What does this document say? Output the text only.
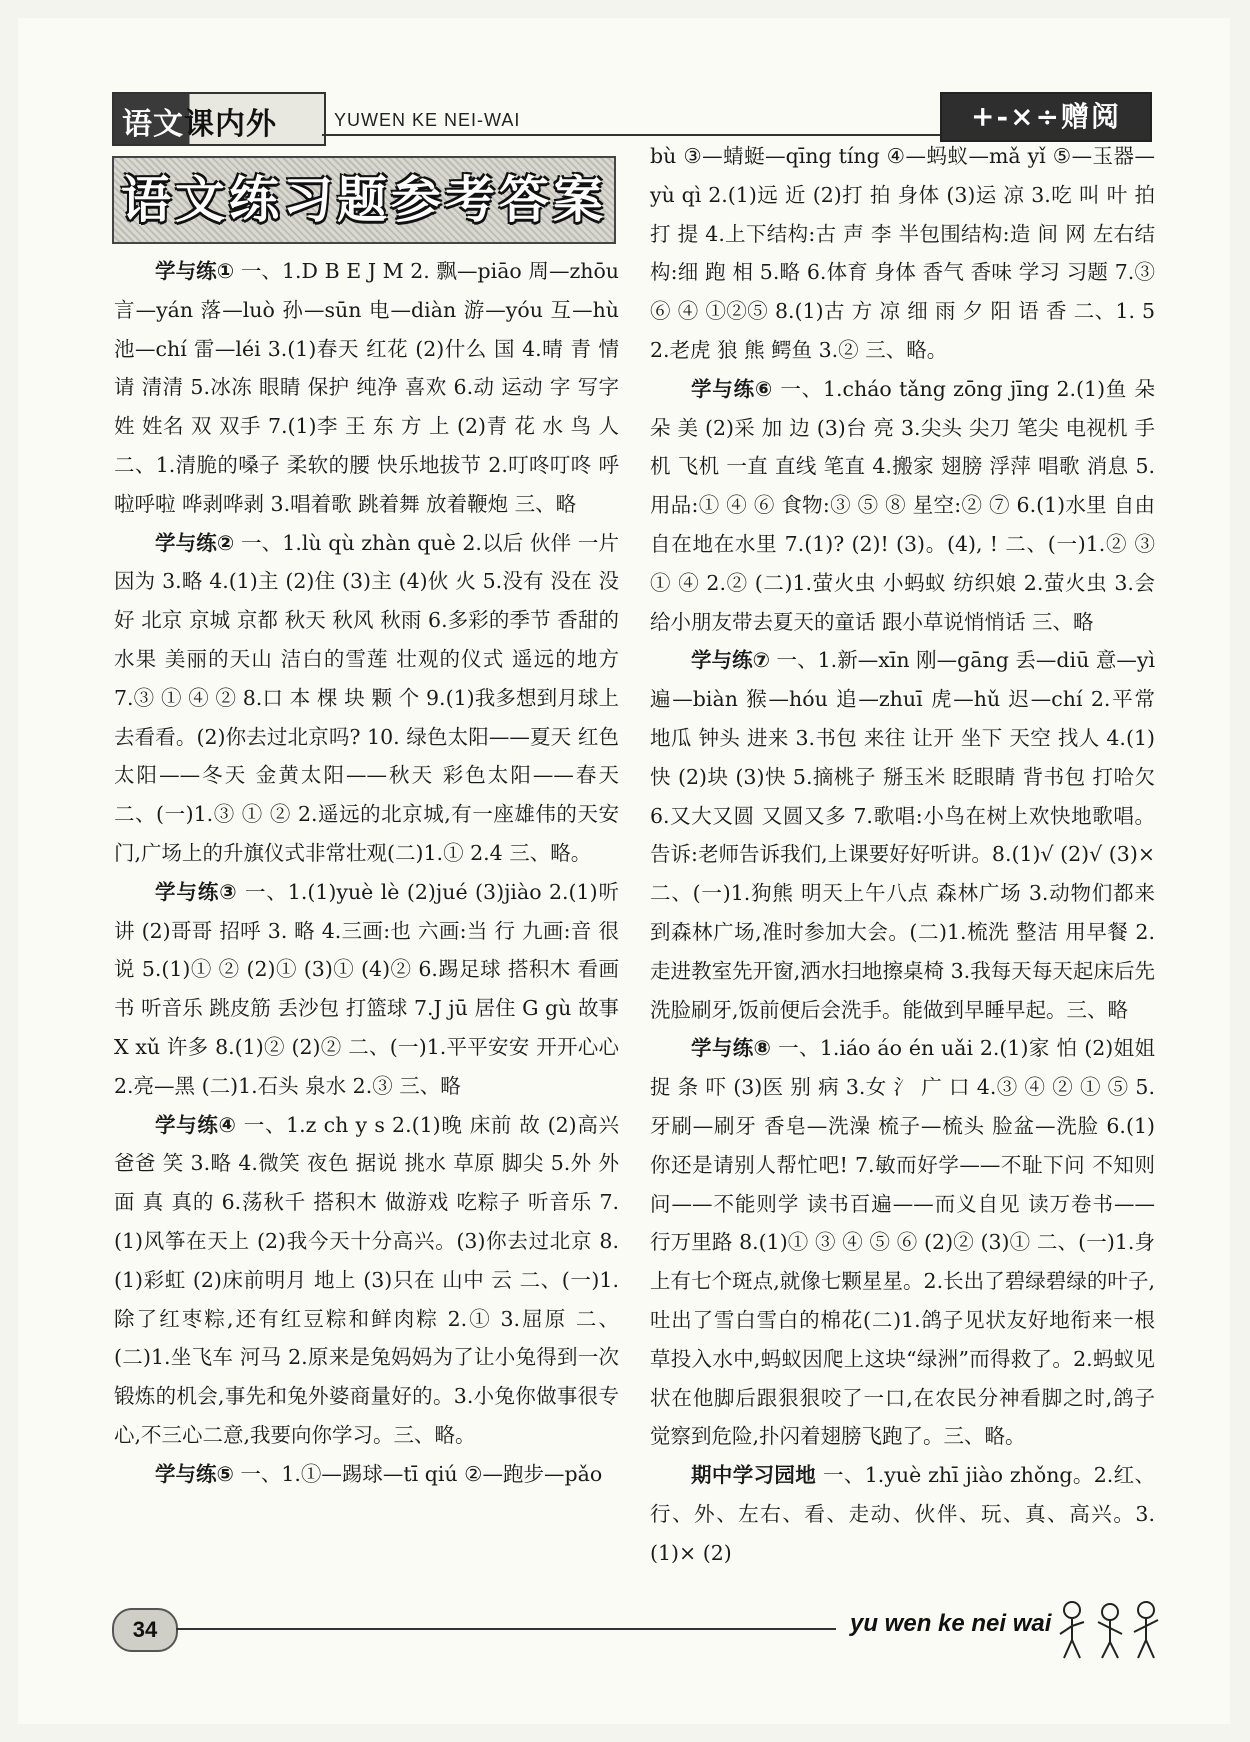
语文课内外	YUWEN KE NEI-WAI	+-×÷赠阅
语文练习题参考答案

学与练① 一、1.D B E J M 2. 飘—piāo 周—zhōu 言—yán 落—luò 孙—sūn 电—diàn 游—yóu 互—hù 池—chí 雷—léi 3.(1)春天 红花 (2)什么 国 4.晴 青 情 请 清清 5.冰冻 眼睛 保护 纯净 喜欢 6.动 运动 字 写字 姓 姓名 双 双手 7.(1)李 王 东 方 上 (2)青 花 水 鸟 人 二、1.清脆的嗓子 柔软的腰 快乐地拔节 2.叮咚叮咚 呼啦呼啦 哗剥哗剥 3.唱着歌 跳着舞 放着鞭炮 三、略

学与练② 一、1.lù qù zhàn què 2.以后 伙伴 一片 因为 3.略 4.(1)主 (2)住 (3)主 (4)伙 火 5.没有 没在 没好 北京 京城 京都 秋天 秋风 秋雨 6.多彩的季节 香甜的水果 美丽的天山 洁白的雪莲 壮观的仪式 遥远的地方 7.③ ① ④ ② 8.口 本 棵 块 颗 个 9.(1)我多想到月球上去看看。(2)你去过北京吗? 10. 绿色太阳——夏天 红色太阳——冬天 金黄太阳——秋天 彩色太阳——春天 二、(一)1.③ ① ② 2.遥远的北京城,有一座雄伟的天安门,广场上的升旗仪式非常壮观(二)1.① 2.4 三、略。

学与练③ 一、1.(1)yuè lè (2)jué (3)jiào 2.(1)听 讲 (2)哥哥 招呼 3. 略 4.三画:也 六画:当 行 九画:音 很 说 5.(1)① ② (2)① (3)① (4)② 6.踢足球 搭积木 看画书 听音乐 跳皮筋 丢沙包 打篮球 7.J jū 居住 G gù 故事 X xǔ 许多 8.(1)② (2)② 二、(一)1.平平安安 开开心心 2.亮—黑 (二)1.石头 泉水 2.③ 三、略

学与练④ 一、1.z ch y s 2.(1)晚 床前 故 (2)高兴 爸爸 笑 3.略 4.微笑 夜色 据说 挑水 草原 脚尖 5.外 外面 真 真的 6.荡秋千 搭积木 做游戏 吃粽子 听音乐 7.(1)风筝在天上 (2)我今天十分高兴。(3)你去过北京 8.(1)彩虹 (2)床前明月 地上 (3)只在 山中 云 二、(一)1.除了红枣粽,还有红豆粽和鲜肉粽 2.① 3.屈原 二、(二)1.坐飞车 河马 2.原来是兔妈妈为了让小兔得到一次锻炼的机会,事先和兔外婆商量好的。3.小兔你做事很专心,不三心二意,我要向你学习。三、略。

学与练⑤ 一、1.①—踢球—tī qiú ②—跑步—pǎo

bù ③—蜻蜓—qīng tíng ④—蚂蚁—mǎ yǐ ⑤—玉器—yù qì 2.(1)远 近 (2)打 拍 身体 (3)运 凉 3.吃 叫 叶 拍 打 提 4.上下结构:古 声 李 半包围结构:造 间 网 左右结构:细 跑 相 5.略 6.体育 身体 香气 香味 学习 习题 7.③ ⑥ ④ ①②⑤ 8.(1)古 方 凉 细 雨 夕 阳 语 香 二、1. 5 2.老虎 狼 熊 鳄鱼 3.② 三、略。

学与练⑥ 一、1.cháo tǎng zōng jīng 2.(1)鱼 朵朵 美 (2)采 加 边 (3)台 亮 3.尖头 尖刀 笔尖 电视机 手机 飞机 一直 直线 笔直 4.搬家 翅膀 浮萍 唱歌 消息 5.用品:① ④ ⑥ 食物:③ ⑤ ⑧ 星空:② ⑦ 6.(1)水里 自由自在地在水里 7.(1)? (2)! (3)。(4), ! 二、(一)1.② ③ ① ④ 2.② (二)1.萤火虫 小蚂蚁 纺织娘 2.萤火虫 3.会给小朋友带去夏天的童话 跟小草说悄悄话 三、略

学与练⑦ 一、1.新—xīn 刚—gāng 丢—diū 意—yì 遍—biàn 猴—hóu 追—zhuī 虎—hǔ 迟—chí 2.平常 地瓜 钟头 进来 3.书包 来往 让开 坐下 天空 找人 4.(1)快 (2)块 (3)快 5.摘桃子 掰玉米 眨眼睛 背书包 打哈欠 6.又大又圆 又圆又多 7.歌唱:小鸟在树上欢快地歌唱。告诉:老师告诉我们,上课要好好听讲。8.(1)√ (2)√ (3)× 二、(一)1.狗熊 明天上午八点 森林广场 3.动物们都来到森林广场,准时参加大会。(二)1.梳洗 整洁 用早餐 2.走进教室先开窗,洒水扫地擦桌椅 3.我每天每天起床后先洗脸刷牙,饭前便后会洗手。能做到早睡早起。三、略

学与练⑧ 一、1.iáo áo én uǎi 2.(1)家 怕 (2)姐姐 捉 条 吓 (3)医 别 病 3.女 氵 广 口 4.③ ④ ② ① ⑤ 5.牙刷—刷牙 香皂—洗澡 梳子—梳头 脸盆—洗脸 6.(1)你还是请别人帮忙吧! 7.敏而好学——不耻下问 不知则问——不能则学 读书百遍——而义自见 读万卷书——行万里路 8.(1)① ③ ④ ⑤ ⑥ (2)② (3)① 二、(一)1.身上有七个斑点,就像七颗星星。2.长出了碧绿碧绿的叶子,吐出了雪白雪白的棉花(二)1.鸽子见状友好地衔来一根草投入水中,蚂蚁因爬上这块“绿洲”而得救了。2.蚂蚁见状在他脚后跟狠狠咬了一口,在农民分神看脚之时,鸽子觉察到危险,扑闪着翅膀飞跑了。三、略。

期中学习园地 一、1.yuè zhī jiào zhǒng。2.红、行、外、左右、看、走动、伙伴、玩、真、高兴。3.(1)× (2)

34	yu wen ke nei wai
